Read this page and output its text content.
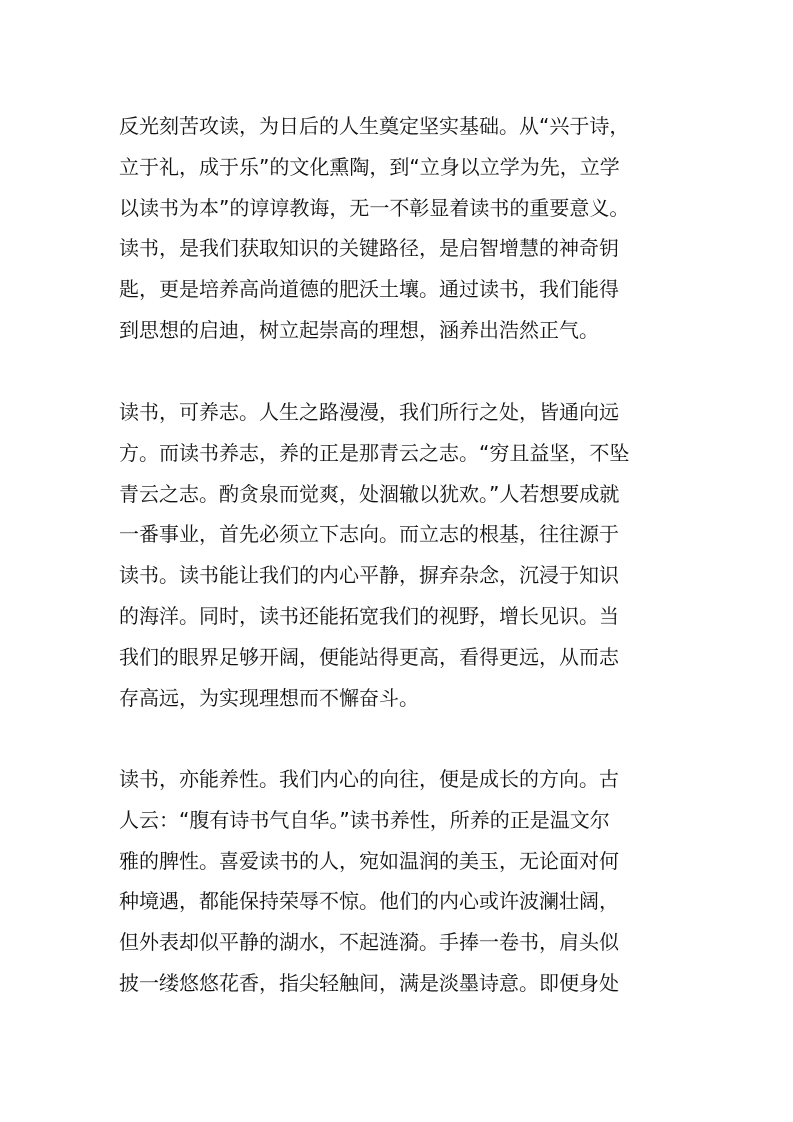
反光刻苦攻读，为日后的人生奠定坚实基础。从“兴于诗，
立于礼，成于乐”的文化熏陶，到“立身以立学为先，立学
以读书为本”的谆谆教诲，无一不彰显着读书的重要意义。
读书，是我们获取知识的关键路径，是启智增慧的神奇钥
匙，更是培养高尚道德的肥沃土壤。通过读书，我们能得
到思想的启迪，树立起崇高的理想，涵养出浩然正气。
读书，可养志。人生之路漫漫，我们所行之处，皆通向远
方。而读书养志，养的正是那青云之志。“穷且益坚，不坠
青云之志。酌贪泉而觉爽，处涸辙以犹欢。”人若想要成就
一番事业，首先必须立下志向。而立志的根基，往往源于
读书。读书能让我们的内心平静，摒弃杂念，沉浸于知识
的海洋。同时，读书还能拓宽我们的视野，增长见识。当
我们的眼界足够开阔，便能站得更高，看得更远，从而志
存高远，为实现理想而不懈奋斗。
读书，亦能养性。我们内心的向往，便是成长的方向。古
人云：“腹有诗书气自华。”读书养性，所养的正是温文尔
雅的脾性。喜爱读书的人，宛如温润的美玉，无论面对何
种境遇，都能保持荣辱不惊。他们的内心或许波澜壮阔，
但外表却似平静的湖水，不起涟漪。手捧一卷书，肩头似
披一缕悠悠花香，指尖轻触间，满是淡墨诗意。即便身处
